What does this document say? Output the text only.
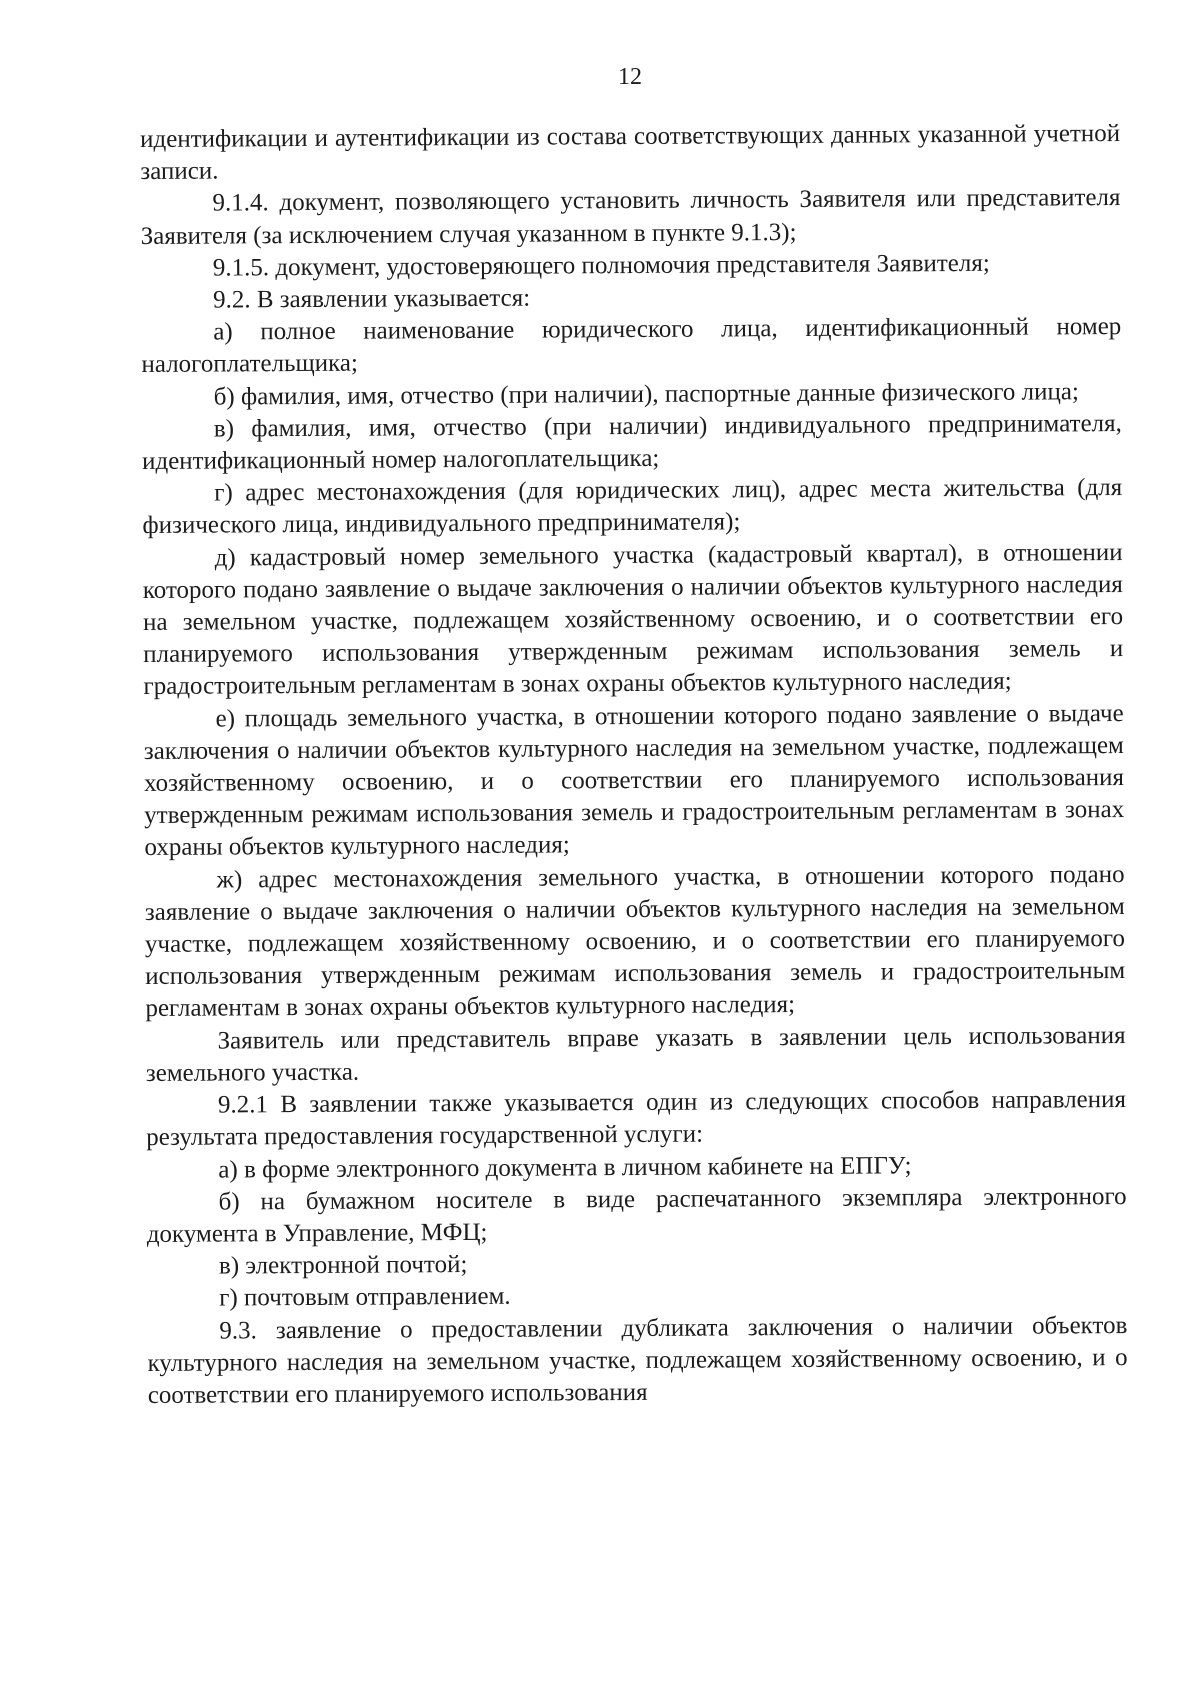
12

идентификации и аутентификации из состава соответствующих данных указанной учетной записи.

9.1.4. документ, позволяющего установить личность Заявителя или представителя Заявителя (за исключением случая указанном в пункте 9.1.3);

9.1.5. документ, удостоверяющего полномочия представителя Заявителя;

9.2. В заявлении указывается:

а) полное наименование юридического лица, идентификационный номер налогоплательщика;

б) фамилия, имя, отчество (при наличии), паспортные данные физического лица;

в) фамилия, имя, отчество (при наличии) индивидуального предпринимателя, идентификационный номер налогоплательщика;

г) адрес местонахождения (для юридических лиц), адрес места жительства (для физического лица, индивидуального предпринимателя);

д) кадастровый номер земельного участка (кадастровый квартал), в отношении которого подано заявление о выдаче заключения о наличии объектов культурного наследия на земельном участке, подлежащем хозяйственному освоению, и о соответствии его планируемого использования утвержденным режимам использования земель и градостроительным регламентам в зонах охраны объектов культурного наследия;

е) площадь земельного участка, в отношении которого подано заявление о выдаче заключения о наличии объектов культурного наследия на земельном участке, подлежащем хозяйственному освоению, и о соответствии его планируемого использования утвержденным режимам использования земель и градостроительным регламентам в зонах охраны объектов культурного наследия;

ж) адрес местонахождения земельного участка, в отношении которого подано заявление о выдаче заключения о наличии объектов культурного наследия на земельном участке, подлежащем хозяйственному освоению, и о соответствии его планируемого использования утвержденным режимам использования земель и градостроительным регламентам в зонах охраны объектов культурного наследия;

Заявитель или представитель вправе указать в заявлении цель использования земельного участка.

9.2.1 В заявлении также указывается один из следующих способов направления результата предоставления государственной услуги:

а) в форме электронного документа в личном кабинете на ЕПГУ;

б) на бумажном носителе в виде распечатанного экземпляра электронного документа в Управление, МФЦ;

в) электронной почтой;

г) почтовым отправлением.

9.3. заявление о предоставлении дубликата заключения о наличии объектов культурного наследия на земельном участке, подлежащем хозяйственному освоению, и о соответствии его планируемого использования
